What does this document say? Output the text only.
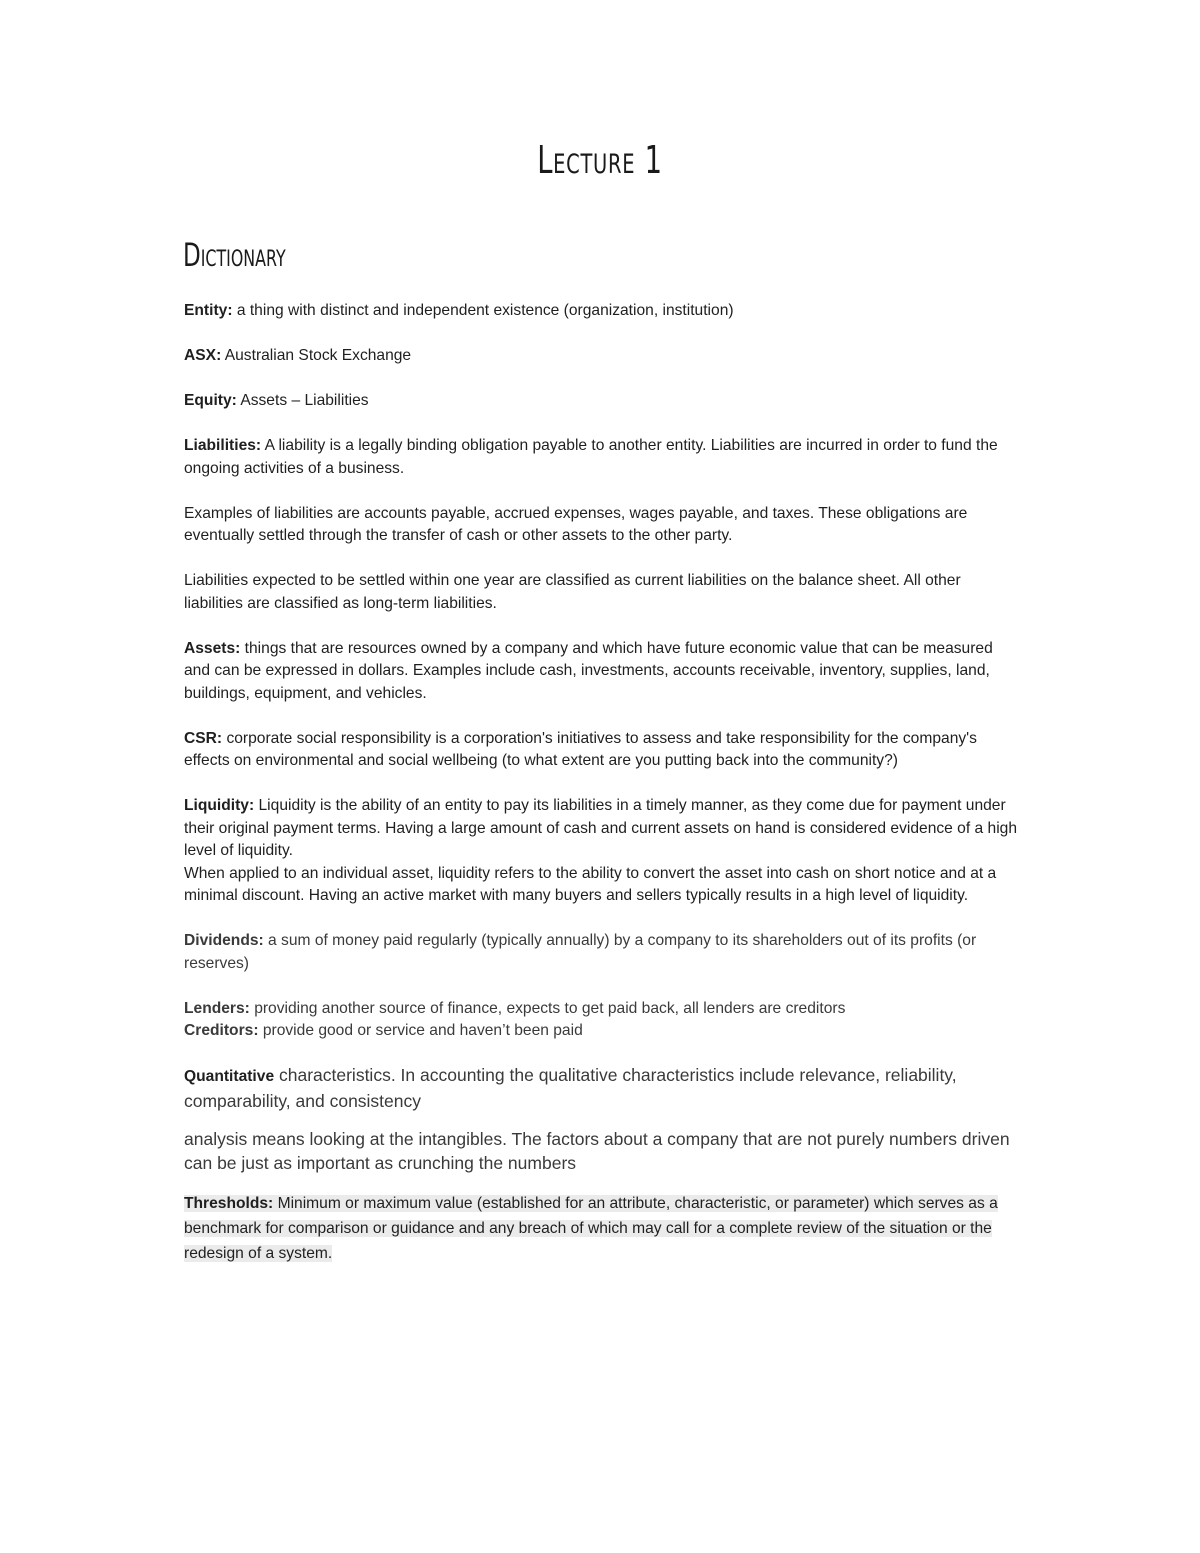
Lecture 1
Dictionary

Entity: a thing with distinct and independent existence (organization, institution)

ASX: Australian Stock Exchange

Equity: Assets – Liabilities

Liabilities: A liability is a legally binding obligation payable to another entity. Liabilities are incurred in order to fund the ongoing activities of a business.

Examples of liabilities are accounts payable, accrued expenses, wages payable, and taxes. These obligations are eventually settled through the transfer of cash or other assets to the other party.

Liabilities expected to be settled within one year are classified as current liabilities on the balance sheet. All other liabilities are classified as long-term liabilities.

Assets: things that are resources owned by a company and which have future economic value that can be measured and can be expressed in dollars. Examples include cash, investments, accounts receivable, inventory, supplies, land, buildings, equipment, and vehicles.

CSR: corporate social responsibility is a corporation's initiatives to assess and take responsibility for the company's effects on environmental and social wellbeing (to what extent are you putting back into the community?)

Liquidity: Liquidity is the ability of an entity to pay its liabilities in a timely manner, as they come due for payment under their original payment terms. Having a large amount of cash and current assets on hand is considered evidence of a high level of liquidity.

When applied to an individual asset, liquidity refers to the ability to convert the asset into cash on short notice and at a minimal discount. Having an active market with many buyers and sellers typically results in a high level of liquidity.

Dividends: a sum of money paid regularly (typically annually) by a company to its shareholders out of its profits (or reserves)

Lenders: providing another source of finance, expects to get paid back, all lenders are creditors

Creditors: provide good or service and haven’t been paid

Quantitative characteristics. In accounting the qualitative characteristics include relevance, reliability, comparability, and consistency

analysis means looking at the intangibles. The factors about a company that are not purely numbers driven can be just as important as crunching the numbers

Thresholds: Minimum or maximum value (established for an attribute, characteristic, or parameter) which serves as a benchmark for comparison or guidance and any breach of which may call for a complete review of the situation or the redesign of a system.
